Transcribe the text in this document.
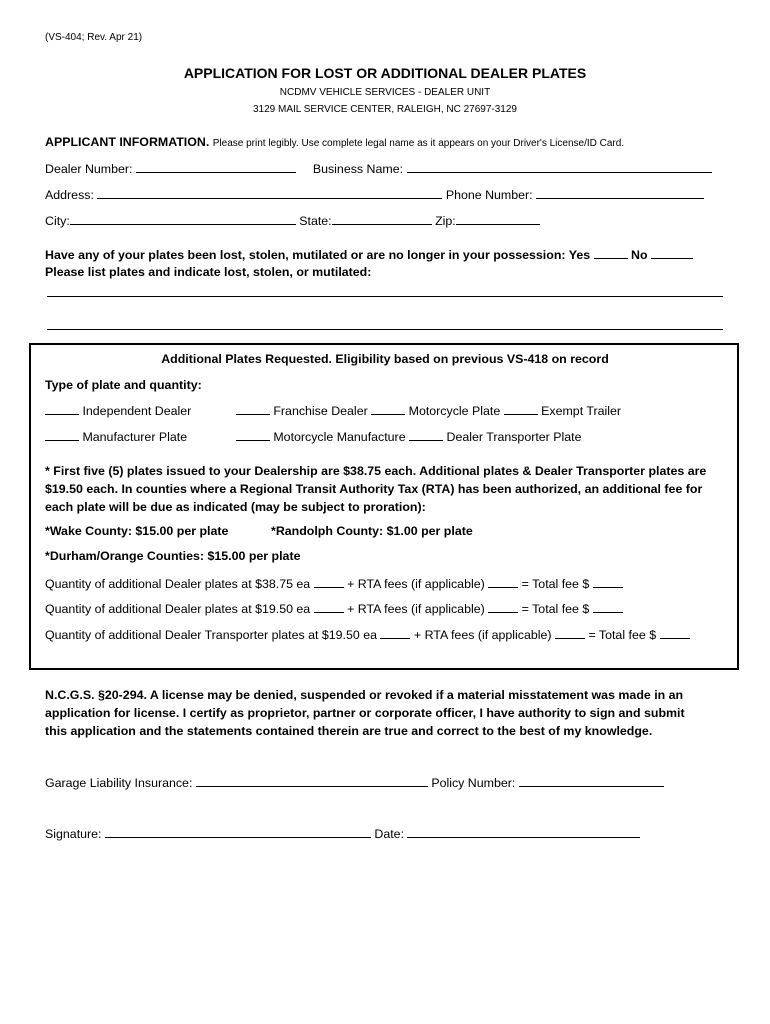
(VS-404; Rev. Apr 21)
APPLICATION FOR LOST OR ADDITIONAL DEALER PLATES
NCDMV VEHICLE SERVICES - DEALER UNIT
3129 MAIL SERVICE CENTER, RALEIGH, NC 27697-3129
APPLICANT INFORMATION. Please print legibly. Use complete legal name as it appears on your Driver's License/ID Card.
Dealer Number:	Business Name:
Address:	Phone Number:
City:	State:	Zip:
Have any of your plates been lost, stolen, mutilated or are no longer in your possession: Yes	No
Please list plates and indicate lost, stolen, or mutilated:
Additional Plates Requested. Eligibility based on previous VS-418 on record
Type of plate and quantity:
Independent Dealer	Franchise Dealer	Motorcycle Plate	Exempt Trailer
Manufacturer Plate	Motorcycle Manufacture	Dealer Transporter Plate
* First five (5) plates issued to your Dealership are $38.75 each. Additional plates & Dealer Transporter plates are $19.50 each. In counties where a Regional Transit Authority Tax (RTA) has been authorized, an additional fee for each plate will be due as indicated (may be subject to proration):
*Wake County: $15.00 per plate	*Randolph County: $1.00 per plate
*Durham/Orange Counties: $15.00 per plate
Quantity of additional Dealer plates at $38.75 ea	+ RTA fees (if applicable)	= Total fee $
Quantity of additional Dealer plates at $19.50 ea	+ RTA fees (if applicable)	= Total fee $
Quantity of additional Dealer Transporter plates at $19.50 ea	+ RTA fees (if applicable)	= Total fee $
N.C.G.S. §20-294. A license may be denied, suspended or revoked if a material misstatement was made in an application for license. I certify as proprietor, partner or corporate officer, I have authority to sign and submit this application and the statements contained therein are true and correct to the best of my knowledge.
Garage Liability Insurance:	Policy Number:
Signature:	Date:
